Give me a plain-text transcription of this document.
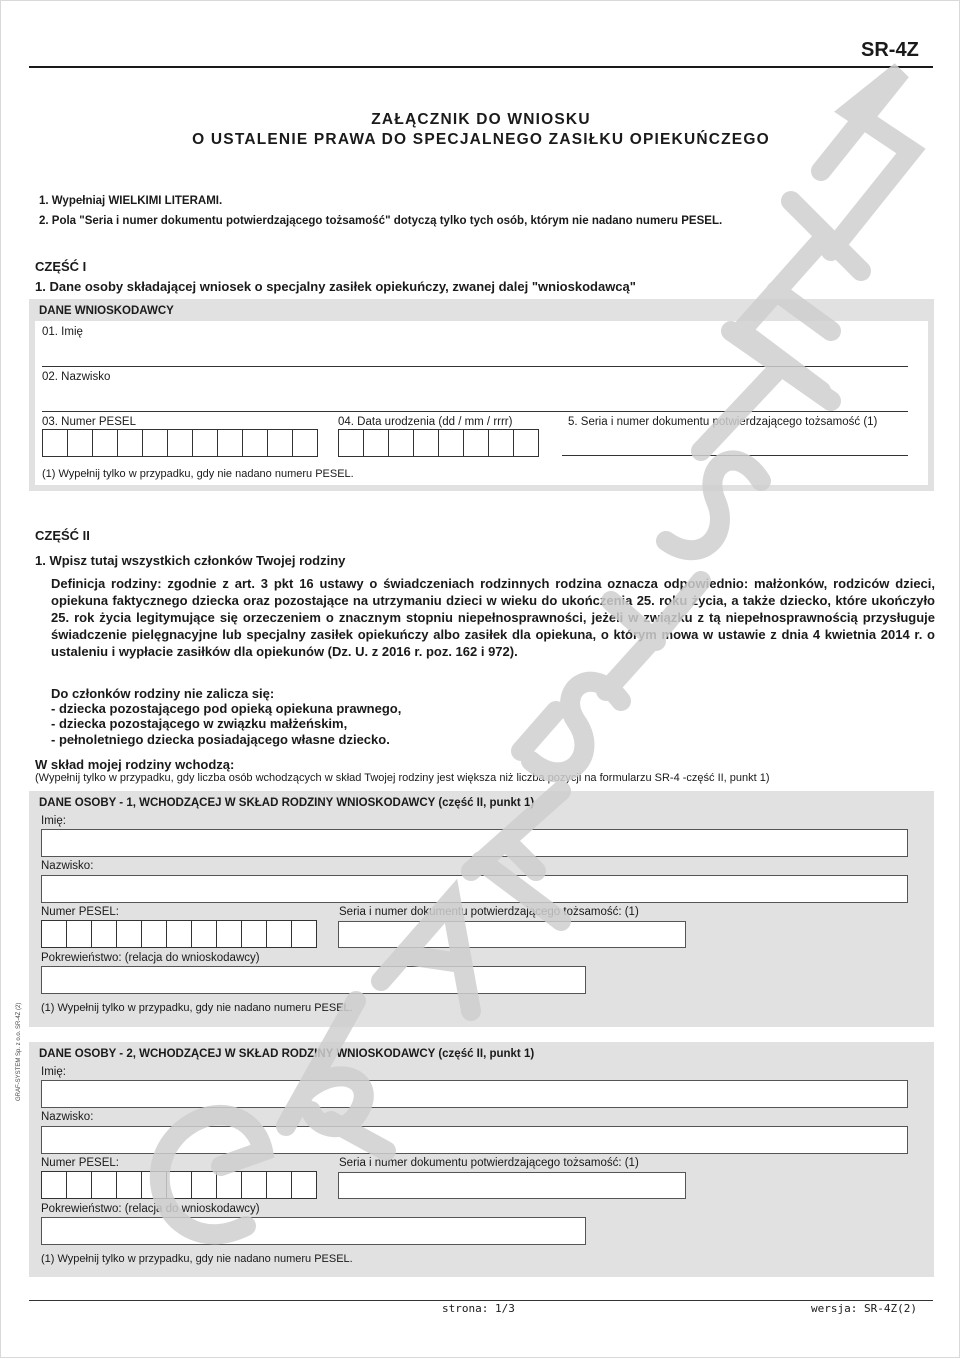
SR-4Z
ZAŁĄCZNIK DO WNIOSKU
O USTALENIE PRAWA DO SPECJALNEGO ZASIŁKU OPIEKUŃCZEGO
1. Wypełniaj WIELKIMI LITERAMI.
2. Pola "Seria i numer dokumentu potwierdzającego tożsamość" dotyczą tylko tych osób, którym nie nadano numeru PESEL.
CZĘŚĆ I
1. Dane osoby składającej wniosek o specjalny zasiłek opiekuńczy, zwanej dalej "wnioskodawcą"
DANE WNIOSKODAWCY
01. Imię
02. Nazwisko
03. Numer PESEL	04. Data urodzenia (dd / mm / rrrr)	5. Seria i numer dokumentu potwierdzającego tożsamość (1)
(1) Wypełnij tylko w przypadku, gdy nie nadano numeru PESEL.
CZĘŚĆ II
1. Wpisz tutaj wszystkich członków Twojej rodziny
Definicja rodziny: zgodnie z art. 3 pkt 16 ustawy o świadczeniach rodzinnych rodzina oznacza odpowiednio: małżonków, rodziców dzieci, opiekuna faktycznego dziecka oraz pozostające na utrzymaniu dzieci w wieku do ukończenia 25. roku życia, a także dziecko, które ukończyło 25. rok życia legitymujące się orzeczeniem o znacznym stopniu niepełnosprawności, jeżeli w związku z tą niepełnosprawnością przysługuje świadczenie pielęgnacyjne lub specjalny zasiłek opiekuńczy albo zasiłek dla opiekuna, o którym mowa w ustawie z dnia 4 kwietnia 2014 r. o ustaleniu i wypłacie zasiłków dla opiekunów (Dz. U. z 2016 r. poz. 162 i 972).
Do członków rodziny nie zalicza się:
- dziecka pozostającego pod opieką opiekuna prawnego,
- dziecka pozostającego w związku małżeńskim,
- pełnoletniego dziecka posiadającego własne dziecko.
W skład mojej rodziny wchodzą:
(Wypełnij tylko w przypadku, gdy liczba osób wchodzących w skład Twojej rodziny jest większa niż liczba pozycji na formularzu SR-4 -część II, punkt 1)
DANE OSOBY - 1, WCHODZĄCEJ W SKŁAD RODZINY WNIOSKODAWCY (część II, punkt 1)
Imię:
Nazwisko:
Numer PESEL:	Seria i numer dokumentu potwierdzającego tożsamość: (1)
Pokrewieństwo: (relacja do wnioskodawcy)
(1) Wypełnij tylko w przypadku, gdy nie nadano numeru PESEL.
DANE OSOBY - 2, WCHODZĄCEJ W SKŁAD RODZINY WNIOSKODAWCY (część II, punkt 1)
Imię:
Nazwisko:
Numer PESEL:	Seria i numer dokumentu potwierdzającego tożsamość: (1)
Pokrewieństwo: (relacja do wnioskodawcy)
(1) Wypełnij tylko w przypadku, gdy nie nadano numeru PESEL.
strona: 1/3	wersja: SR-4Z(2)
GRAF-SYSTEM Sp. z o.o. SR-4Z (2)
